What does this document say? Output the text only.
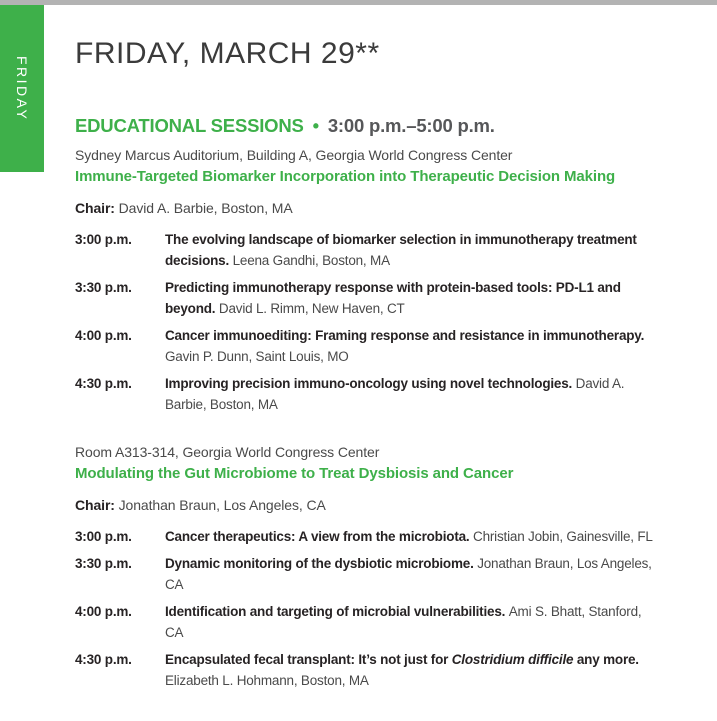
FRIDAY
FRIDAY, MARCH 29**
EDUCATIONAL SESSIONS • 3:00 p.m.–5:00 p.m.
Sydney Marcus Auditorium, Building A, Georgia World Congress Center
Immune-Targeted Biomarker Incorporation into Therapeutic Decision Making
Chair: David A. Barbie, Boston, MA
3:00 p.m.	The evolving landscape of biomarker selection in immunotherapy treatment decisions. Leena Gandhi, Boston, MA
3:30 p.m.	Predicting immunotherapy response with protein-based tools: PD-L1 and beyond. David L. Rimm, New Haven, CT
4:00 p.m.	Cancer immunoediting: Framing response and resistance in immunotherapy. Gavin P. Dunn, Saint Louis, MO
4:30 p.m.	Improving precision immuno-oncology using novel technologies. David A. Barbie, Boston, MA
Room A313-314, Georgia World Congress Center
Modulating the Gut Microbiome to Treat Dysbiosis and Cancer
Chair: Jonathan Braun, Los Angeles, CA
3:00 p.m.	Cancer therapeutics: A view from the microbiota. Christian Jobin, Gainesville, FL
3:30 p.m.	Dynamic monitoring of the dysbiotic microbiome. Jonathan Braun, Los Angeles, CA
4:00 p.m.	Identification and targeting of microbial vulnerabilities. Ami S. Bhatt, Stanford, CA
4:30 p.m.	Encapsulated fecal transplant: It’s not just for Clostridium difficile any more. Elizabeth L. Hohmann, Boston, MA
